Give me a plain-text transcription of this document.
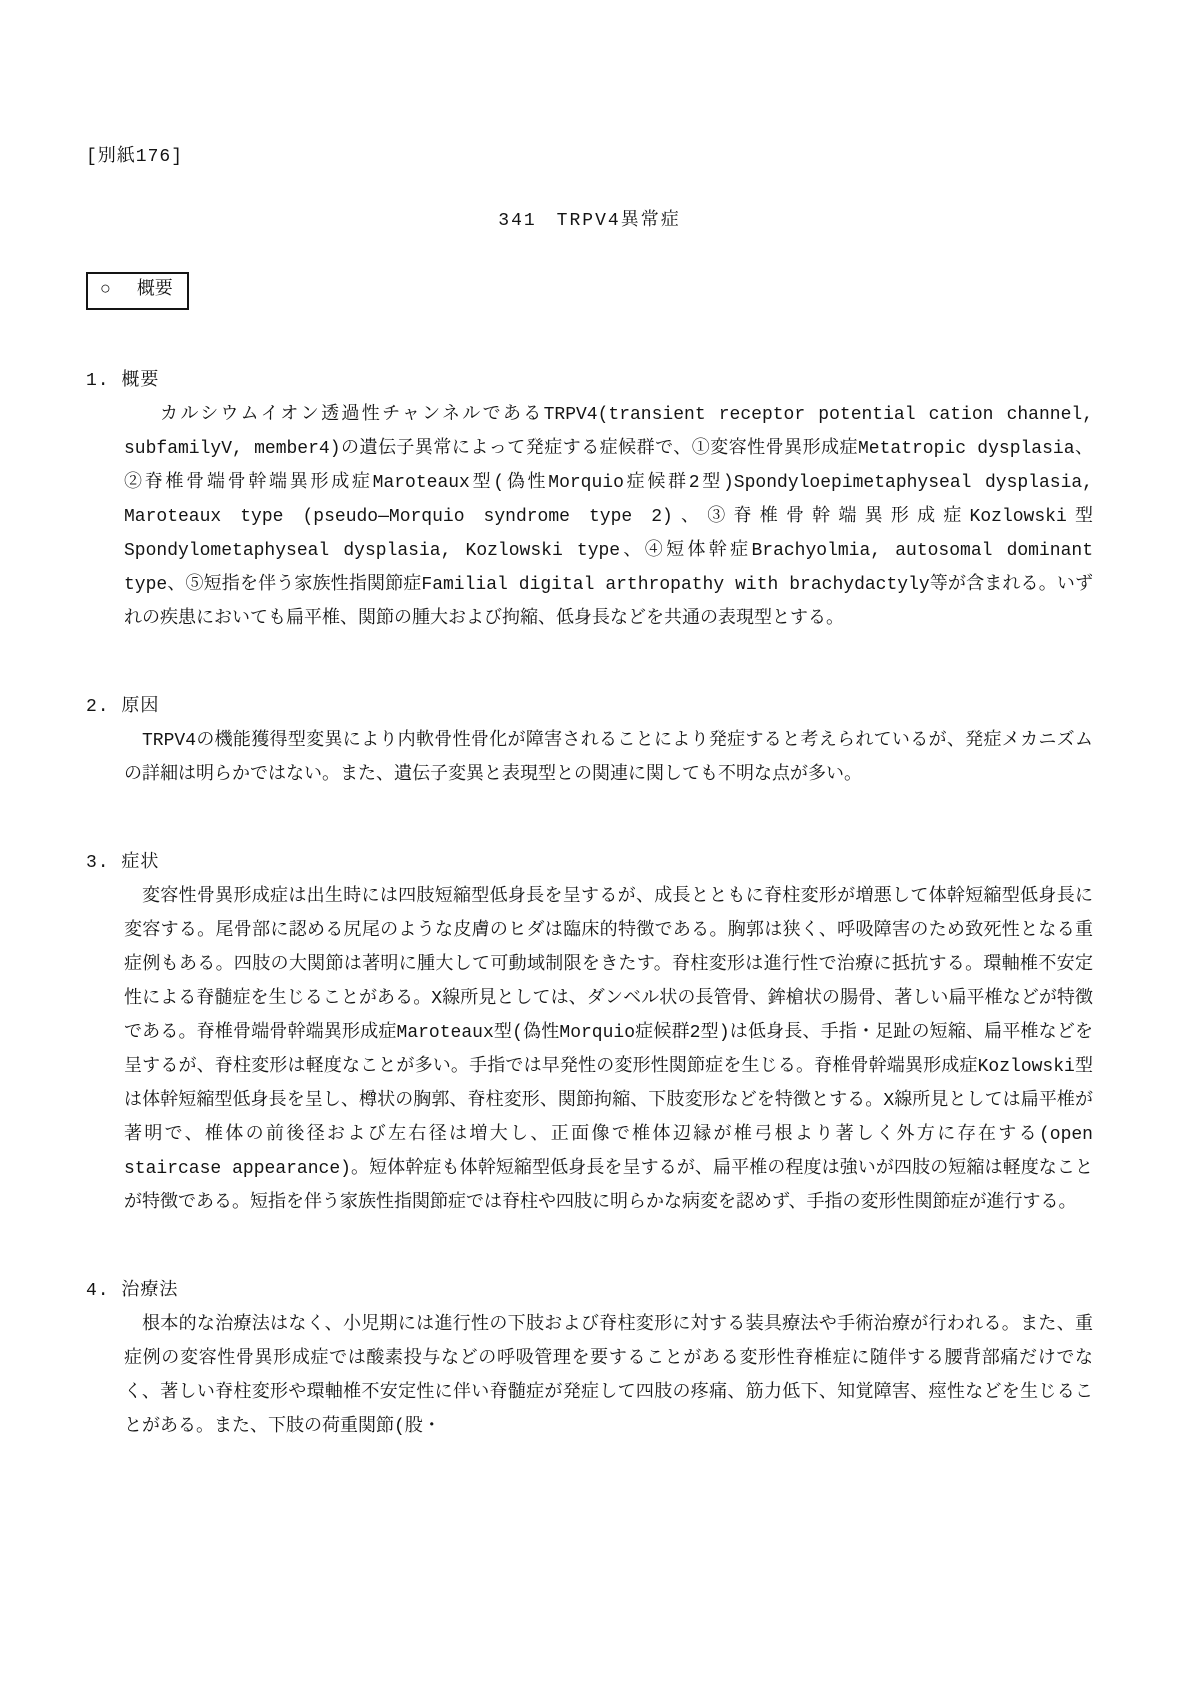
[別紙176]
341　TRPV4異常症
○ 概要
1. 概要

カルシウムイオン透過性チャンネルであるTRPV4(transient receptor potential cation channel, subfamilyV, member4)の遺伝子異常によって発症する症候群で、①変容性骨異形成症Metatropic dysplasia、②脊椎骨端骨幹端異形成症Maroteaux型(偽性Morquio症候群2型)Spondyloepimetaphyseal dysplasia, Maroteaux type (pseudo—Morquio syndrome type 2)、③脊椎骨幹端異形成症Kozlowski型Spondylometaphyseal dysplasia, Kozlowski type、④短体幹症Brachyolmia, autosomal dominant type、⑤短指を伴う家族性指関節症Familial digital arthropathy with brachydactyly等が含まれる。いずれの疾患においても扁平椎、関節の腫大および拘縮、低身長などを共通の表現型とする。

2. 原因

TRPV4の機能獲得型変異により内軟骨性骨化が障害されることにより発症すると考えられているが、発症メカニズムの詳細は明らかではない。また、遺伝子変異と表現型との関連に関しても不明な点が多い。

3. 症状

変容性骨異形成症は出生時には四肢短縮型低身長を呈するが、成長とともに脊柱変形が増悪して体幹短縮型低身長に変容する。尾骨部に認める尻尾のような皮膚のヒダは臨床的特徴である。胸郭は狭く、呼吸障害のため致死性となる重症例もある。四肢の大関節は著明に腫大して可動域制限をきたす。脊柱変形は進行性で治療に抵抗する。環軸椎不安定性による脊髄症を生じることがある。X線所見としては、ダンベル状の長管骨、鉾槍状の腸骨、著しい扁平椎などが特徴である。脊椎骨端骨幹端異形成症Maroteaux型(偽性Morquio症候群2型)は低身長、手指・足趾の短縮、扁平椎などを呈するが、脊柱変形は軽度なことが多い。手指では早発性の変形性関節症を生じる。脊椎骨幹端異形成症Kozlowski型は体幹短縮型低身長を呈し、樽状の胸郭、脊柱変形、関節拘縮、下肢変形などを特徴とする。X線所見としては扁平椎が著明で、椎体の前後径および左右径は増大し、正面像で椎体辺縁が椎弓根より著しく外方に存在する(open staircase appearance)。短体幹症も体幹短縮型低身長を呈するが、扁平椎の程度は強いが四肢の短縮は軽度なことが特徴である。短指を伴う家族性指関節症では脊柱や四肢に明らかな病変を認めず、手指の変形性関節症が進行する。

4. 治療法

根本的な治療法はなく、小児期には進行性の下肢および脊柱変形に対する装具療法や手術治療が行われる。また、重症例の変容性骨異形成症では酸素投与などの呼吸管理を要することがある変形性脊椎症に随伴する腰背部痛だけでなく、著しい脊柱変形や環軸椎不安定性に伴い脊髄症が発症して四肢の疼痛、筋力低下、知覚障害、痙性などを生じることがある。また、下肢の荷重関節(股・
